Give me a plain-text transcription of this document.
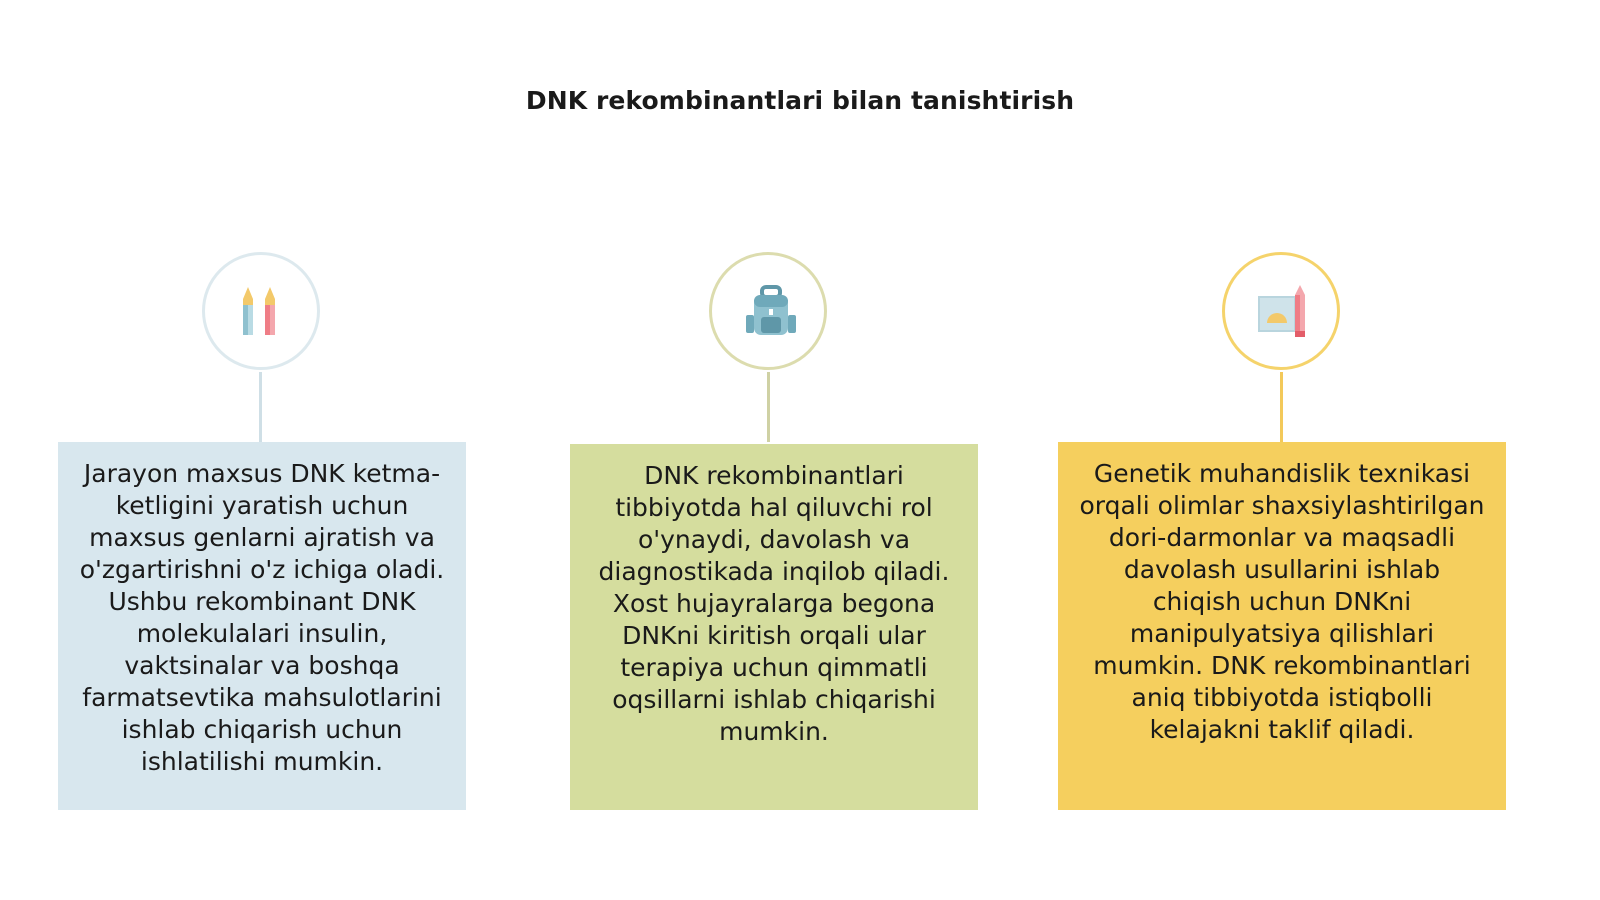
DNK rekombinantlari bilan tanishtirish
Jarayon maxsus DNK ketma-ketligini yaratish uchun maxsus genlarni ajratish va o'zgartirishni o'z ichiga oladi. Ushbu rekombinant DNK molekulalari insulin, vaktsinalar va boshqa farmatsevtika mahsulotlarini ishlab chiqarish uchun ishlatilishi mumkin.
DNK rekombinantlari tibbiyotda hal qiluvchi rol o'ynaydi, davolash va diagnostikada inqilob qiladi. Xost hujayralarga begona DNKni kiritish orqali ular terapiya uchun qimmatli oqsillarni ishlab chiqarishi mumkin.
Genetik muhandislik texnikasi orqali olimlar shaxsiylashtirilgan dori-darmonlar va maqsadli davolash usullarini ishlab chiqish uchun DNKni manipulyatsiya qilishlari mumkin. DNK rekombinantlari aniq tibbiyotda istiqbolli kelajakni taklif qiladi.
